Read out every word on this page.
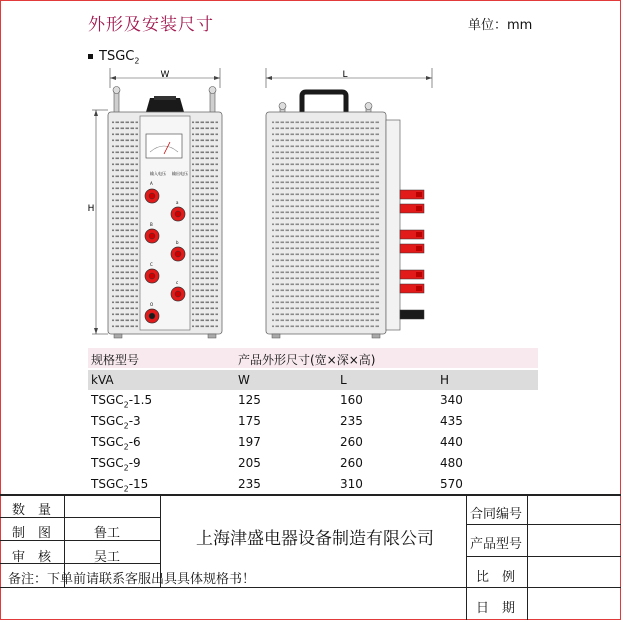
外形及安装尺寸	单位：mm
$TSGC_2$
W
H
输入电压 输出电压
A
a
B
b
C
c
O
L
规格型号	产品外形尺寸(宽×深×高)
kVA	W	L	H
$TSGC_2-1.5$	125	160	340
$TSGC_2-3$	175	235	435
$TSGC_2-6$	197	260	440
$TSGC_2-9$	205	260	480
$TSGC_2-15$	235	310	570
数　量
制　图	鲁工
审　核	吴工
备注：下单前请联系客服出具具体规格书！
上海津盛电器设备制造有限公司
合同编号
产品型号
比　例
日　期
